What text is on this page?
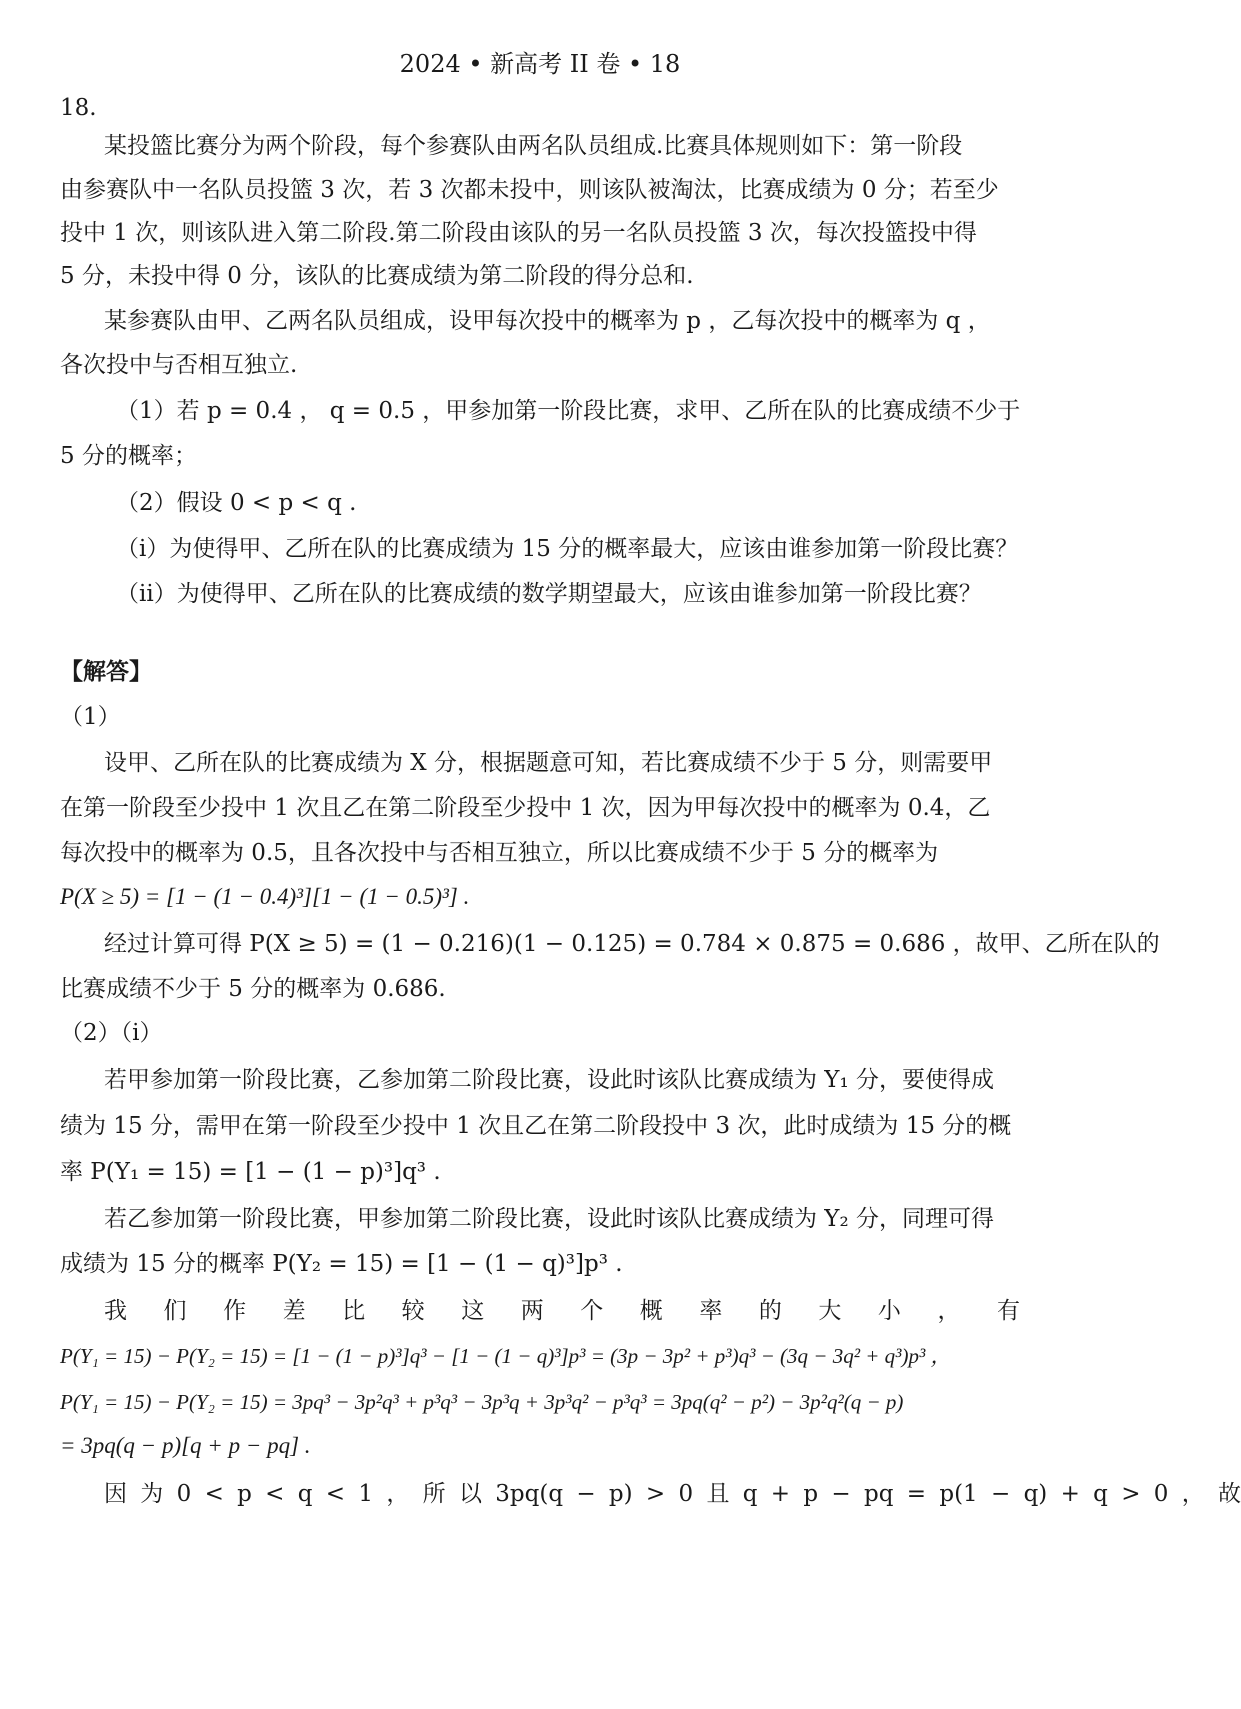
2024 • 新高考 II 卷 • 18
18.
某投篮比赛分为两个阶段，每个参赛队由两名队员组成.比赛具体规则如下：第一阶段
由参赛队中一名队员投篮 3 次，若 3 次都未投中，则该队被淘汰，比赛成绩为 0 分；若至少
投中 1 次，则该队进入第二阶段.第二阶段由该队的另一名队员投篮 3 次，每次投篮投中得
5 分，未投中得 0 分，该队的比赛成绩为第二阶段的得分总和.
某参赛队由甲、乙两名队员组成，设甲每次投中的概率为 p ，乙每次投中的概率为 q ，
各次投中与否相互独立.
（1）若 p = 0.4 ， q = 0.5 ，甲参加第一阶段比赛，求甲、乙所在队的比赛成绩不少于
5 分的概率；
（2）假设 0 < p < q .
（i）为使得甲、乙所在队的比赛成绩为 15 分的概率最大，应该由谁参加第一阶段比赛？
（ii）为使得甲、乙所在队的比赛成绩的数学期望最大，应该由谁参加第一阶段比赛？
【解答】
（1）
设甲、乙所在队的比赛成绩为 X 分，根据题意可知，若比赛成绩不少于 5 分，则需要甲
在第一阶段至少投中 1 次且乙在第二阶段至少投中 1 次，因为甲每次投中的概率为 0.4，乙
每次投中的概率为 0.5，且各次投中与否相互独立，所以比赛成绩不少于 5 分的概率为
P(X ≥ 5) = [1 − (1 − 0.4)³][1 − (1 − 0.5)³] .
经过计算可得 P(X ≥ 5) = (1 − 0.216)(1 − 0.125) = 0.784 × 0.875 = 0.686 ，故甲、乙所在队的
比赛成绩不少于 5 分的概率为 0.686.
（2）（i）
若甲参加第一阶段比赛，乙参加第二阶段比赛，设此时该队比赛成绩为 Y₁ 分，要使得成
绩为 15 分，需甲在第一阶段至少投中 1 次且乙在第二阶段投中 3 次，此时成绩为 15 分的概
率 P(Y₁ = 15) = [1 − (1 − p)³]q³ .
若乙参加第一阶段比赛，甲参加第二阶段比赛，设此时该队比赛成绩为 Y₂ 分，同理可得
成绩为 15 分的概率 P(Y₂ = 15) = [1 − (1 − q)³]p³ .
我 们 作 差 比 较 这 两 个 概 率 的 大 小 ， 有
P(Y₁ = 15) − P(Y₂ = 15) = [1 − (1 − p)³]q³ − [1 − (1 − q)³]p³ = (3p − 3p² + p³)q³ − (3q − 3q² + q³)p³ ，
P(Y₁ = 15) − P(Y₂ = 15) = 3pq³ − 3p²q³ + p³q³ − 3p³q + 3p³q² − p³q³ = 3pq(q² − p²) − 3p²q²(q − p)
= 3pq(q − p)[q + p − pq] .
因 为 0 < p < q < 1 ， 所 以 3pq(q − p) > 0 且 q + p − pq = p(1 − q) + q > 0 ， 故
